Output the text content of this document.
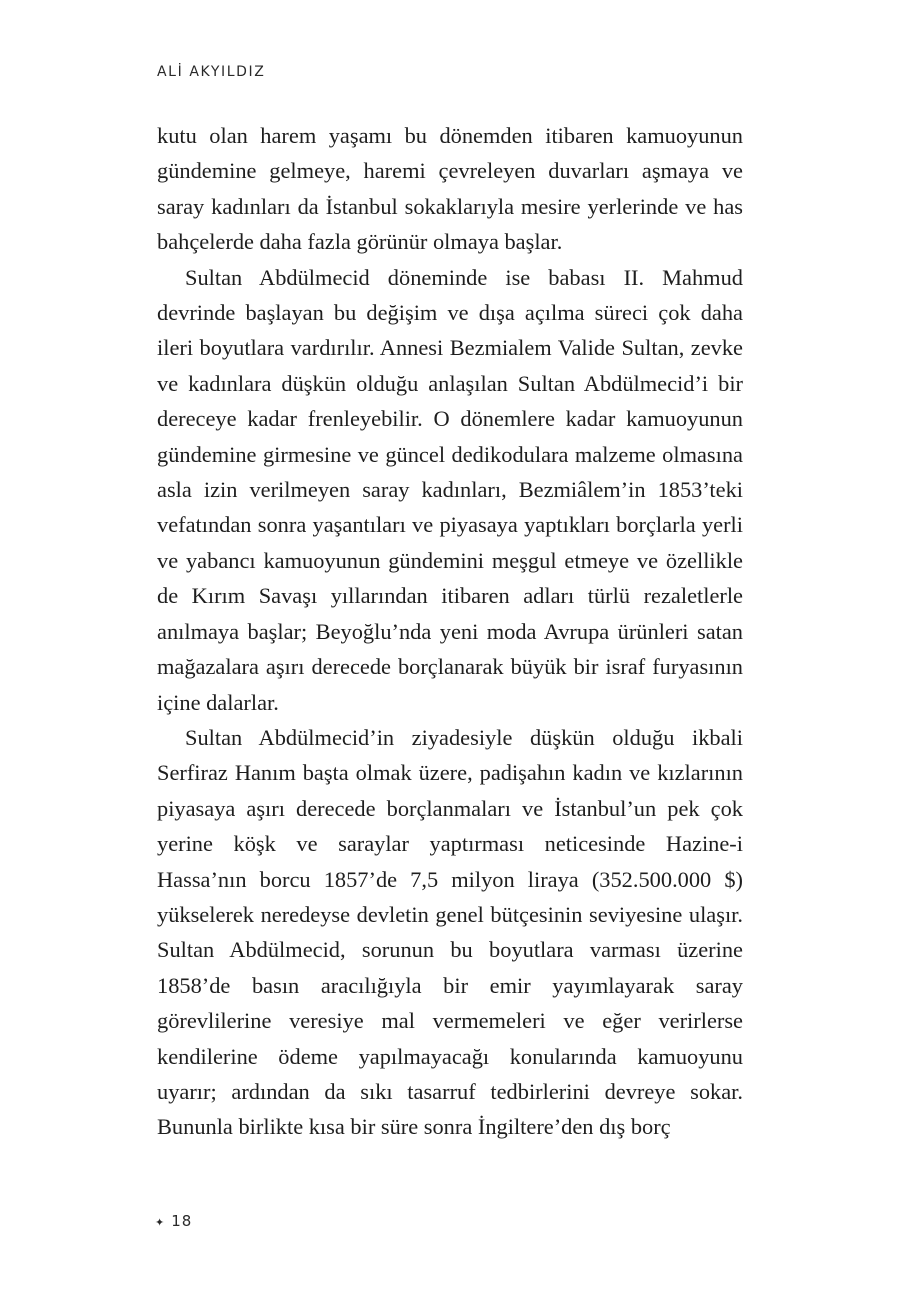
ALİ AKYILDIZ

kutu olan harem yaşamı bu dönemden itibaren kamuoyunun gündemine gelmeye, haremi çevreleyen duvarları aşmaya ve saray kadınları da İstanbul sokaklarıyla mesire yerlerinde ve has bahçelerde daha fazla görünür olmaya başlar.

Sultan Abdülmecid döneminde ise babası II. Mahmud devrinde başlayan bu değişim ve dışa açılma süreci çok daha ileri boyutlara vardırılır. Annesi Bezmialem Valide Sultan, zevke ve kadınlara düşkün olduğu anlaşılan Sultan Abdülmecid’i bir dereceye kadar frenleyebilir. O dönemlere kadar kamuoyunun gündemine girmesine ve güncel dedikodulara malzeme olmasına asla izin verilmeyen saray kadınları, Bezmiâlem’in 1853’teki vefatından sonra yaşantıları ve piyasaya yaptıkları borçlarla yerli ve yabancı kamuoyunun gündemini meşgul etmeye ve özellikle de Kırım Savaşı yıllarından itibaren adları türlü rezaletlerle anılmaya başlar; Beyoğlu’nda yeni moda Avrupa ürünleri satan mağazalara aşırı derecede borçlanarak büyük bir israf furyasının içine dalarlar.

Sultan Abdülmecid’in ziyadesiyle düşkün olduğu ikbali Serfiraz Hanım başta olmak üzere, padişahın kadın ve kızlarının piyasaya aşırı derecede borçlanmaları ve İstanbul’un pek çok yerine köşk ve saraylar yaptırması neticesinde Hazine-i Hassa’nın borcu 1857’de 7,5 milyon liraya (352.500.000 $) yükselerek neredeyse devletin genel bütçesinin seviyesine ulaşır. Sultan Abdülmecid, sorunun bu boyutlara varması üzerine 1858’de basın aracılığıyla bir emir yayımlayarak saray görevlilerine veresiye mal vermemeleri ve eğer verirlerse kendilerine ödeme yapılmayacağı konularında kamuoyunu uyarır; ardından da sıkı tasarruf tedbirlerini devreye sokar. Bununla birlikte kısa bir süre sonra İngiltere’den dış borç

✦ 18
